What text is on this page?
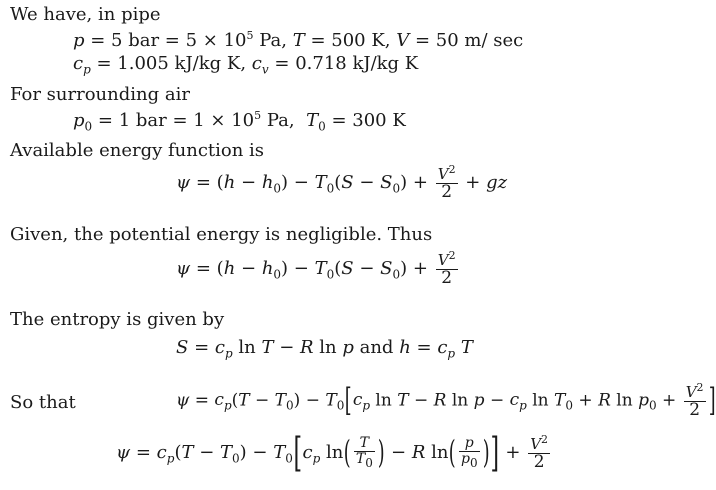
We have, in pipe
p = 5 bar = $5 \times 10^5$ Pa, T = 500 K, V = 50 m/ sec
$c_p = 1.005$ kJ/kg K, $c_v = 0.718$ kJ/kg K
For surrounding air
$p_0 = 1$ bar = $1 \times 10^5$ Pa,  $T_0 = 300$ K
Available energy function is
$\psi = (h - h_0) - T_0(S - S_0) + \frac{V^2}{2}$ + gz
Given, the potential energy is negligible. Thus
$\psi = (h - h_0) - T_0(S - S_0) + \frac{V^2}{2}$
The entropy is given by
$S = c_p$ ln T − R ln p and $h = c_p$ T
So that	$\psi = c_p(T - T_0) - T_0[c_p$ ln T − R $\ln p - c_p$ $\ln T_0 + R$ $\ln p_0 + \frac{V^2}{2}$ ]
$\psi = c_p(T - T_0) - T_0[c_p$ $\ln( \frac{T}{T_0}$ ) − R $\ln( \frac{p}{p_0}$ )] + $\frac{V^2}{2}$
